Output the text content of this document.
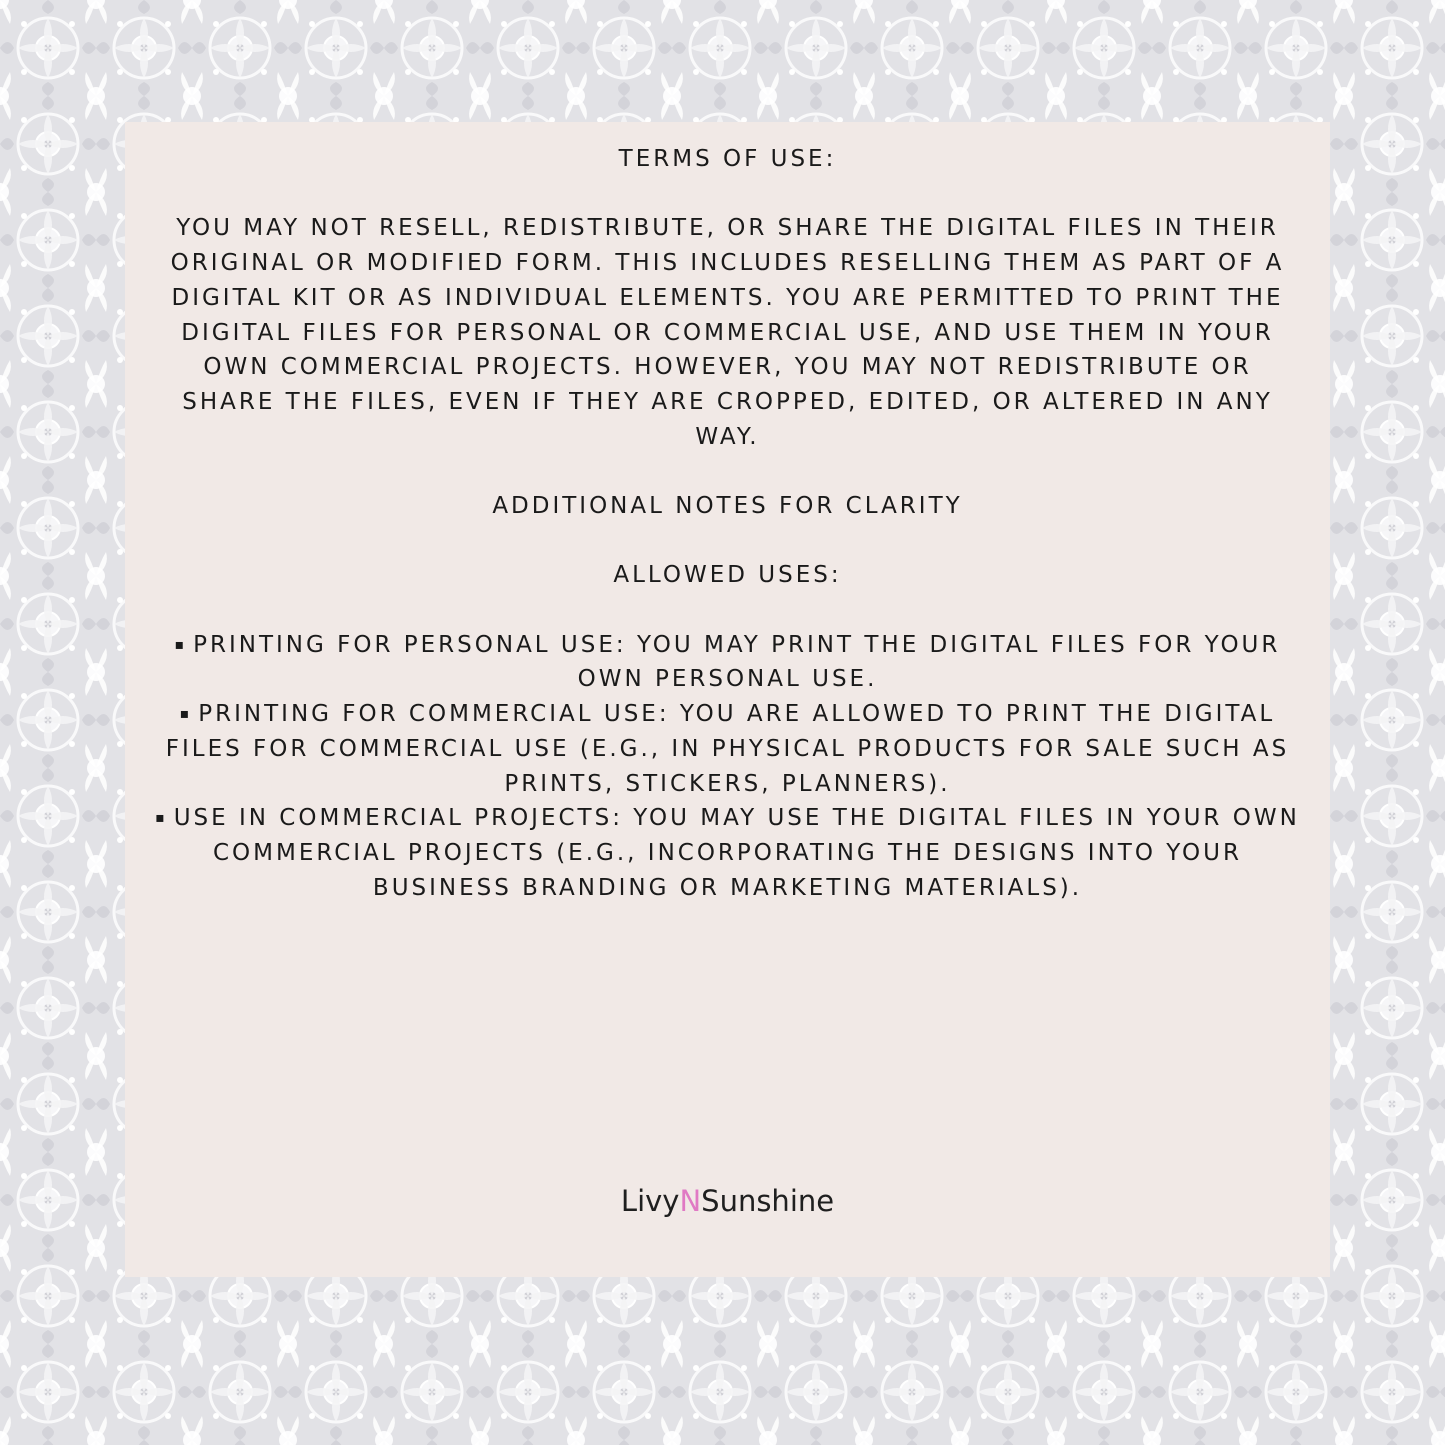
TERMS OF USE:

YOU MAY NOT RESELL, REDISTRIBUTE, OR SHARE THE DIGITAL FILES IN THEIR ORIGINAL OR MODIFIED FORM. THIS INCLUDES RESELLING THEM AS PART OF A DIGITAL KIT OR AS INDIVIDUAL ELEMENTS. YOU ARE PERMITTED TO PRINT THE DIGITAL FILES FOR PERSONAL OR COMMERCIAL USE, AND USE THEM IN YOUR OWN COMMERCIAL PROJECTS. HOWEVER, YOU MAY NOT REDISTRIBUTE OR SHARE THE FILES, EVEN IF THEY ARE CROPPED, EDITED, OR ALTERED IN ANY WAY.

ADDITIONAL NOTES FOR CLARITY

ALLOWED USES:

▪ PRINTING FOR PERSONAL USE: YOU MAY PRINT THE DIGITAL FILES FOR YOUR OWN PERSONAL USE.

▪ PRINTING FOR COMMERCIAL USE: YOU ARE ALLOWED TO PRINT THE DIGITAL FILES FOR COMMERCIAL USE (E.G., IN PHYSICAL PRODUCTS FOR SALE SUCH AS PRINTS, STICKERS, PLANNERS).

▪ USE IN COMMERCIAL PROJECTS: YOU MAY USE THE DIGITAL FILES IN YOUR OWN COMMERCIAL PROJECTS (E.G., INCORPORATING THE DESIGNS INTO YOUR BUSINESS BRANDING OR MARKETING MATERIALS).

LivyNSunshine
